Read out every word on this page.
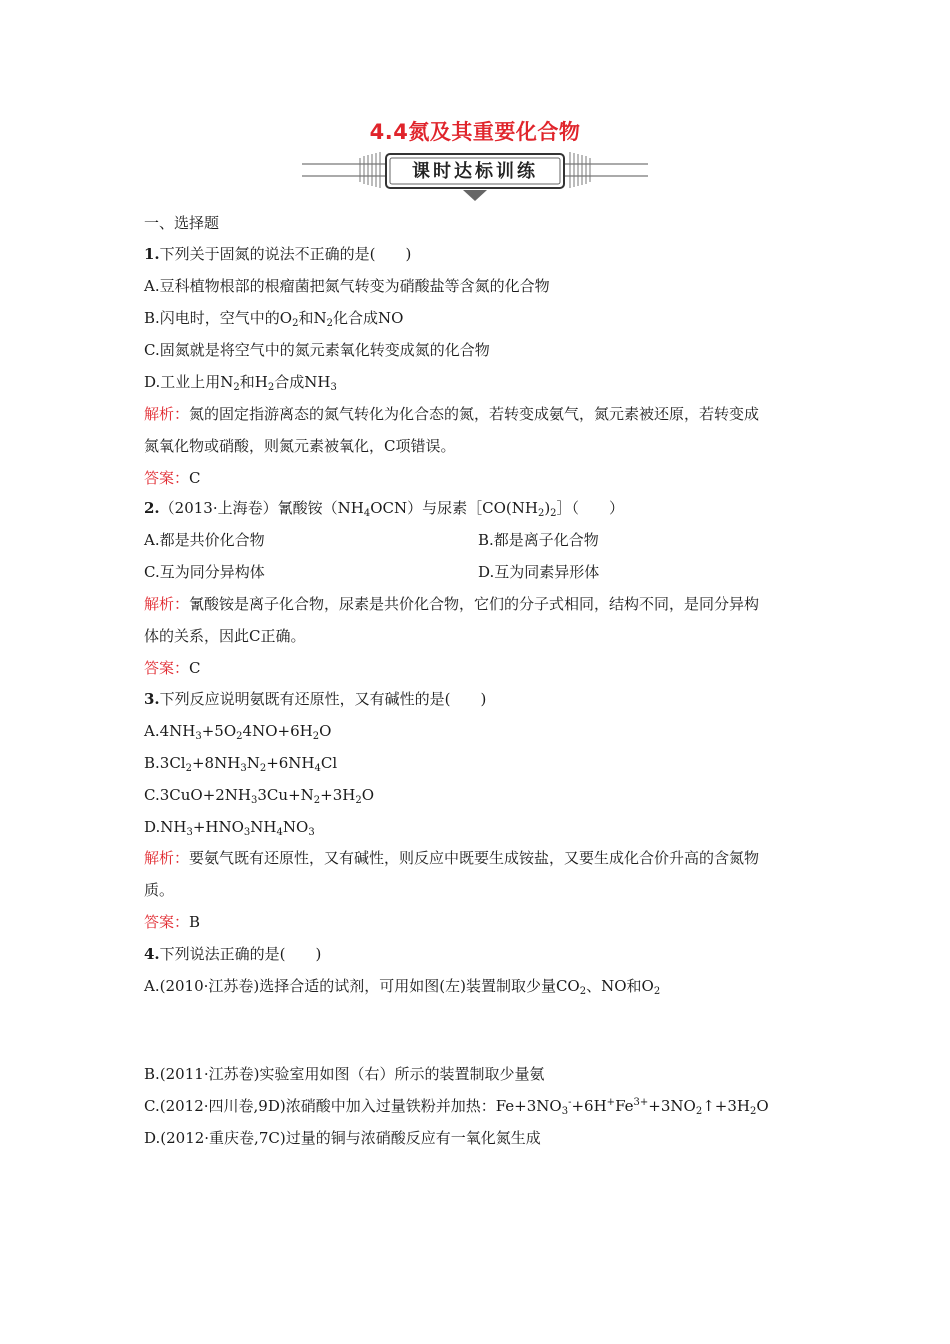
4.4氮及其重要化合物
课时达标训练
一、选择题
1.下列关于固氮的说法不正确的是(　　)
A.豆科植物根部的根瘤菌把氮气转变为硝酸盐等含氮的化合物
B.闪电时，空气中的$O_2$和$N_2$化合成NO
C.固氮就是将空气中的氮元素氧化转变成氮的化合物
D.工业上用$N_2$和$H_2$合成$NH_3$
解析：氮的固定指游离态的氮气转化为化合态的氮，若转变成氨气，氮元素被还原，若转变成
氮氧化物或硝酸，则氮元素被氧化，C项错误。
答案：C
2.（2013·上海卷）氰酸铵$(NH_4OCN)$与尿素$[CO(NH_2)_2]$（　　）
A.都是共价化合物	B.都是离子化合物
C.互为同分异构体	D.互为同素异形体
解析：氰酸铵是离子化合物，尿素是共价化合物，它们的分子式相同，结构不同，是同分异构
体的关系，因此C正确。
答案：C
3.下列反应说明氨既有还原性，又有碱性的是(　　)
$A.4NH_3+5O_24NO+6H_2O$
$B.3Cl_2+8NH_3N_2+6NH_4Cl$
$C.3CuO+2NH_33Cu+N_2+3H_2O$
$D.NH_3+HNO_3NH_4NO_3$
解析：要氨气既有还原性，又有碱性，则反应中既要生成铵盐，又要生成化合价升高的含氮物
质。
答案：B
4.下列说法正确的是(　　)
A.(2010·江苏卷)选择合适的试剂，可用如图(左)装置制取少量$CO_2$、NO和$O_2$
B.(2011·江苏卷)实验室用如图（右）所示的装置制取少量氨
C.(2012·四川卷,9D)浓硝酸中加入过量铁粉并加热：$Fe+3NO_3^-+6H^+Fe^{3+}+3NO_2↑+3H_2O$
D.(2012·重庆卷,7C)过量的铜与浓硝酸反应有一氧化氮生成
